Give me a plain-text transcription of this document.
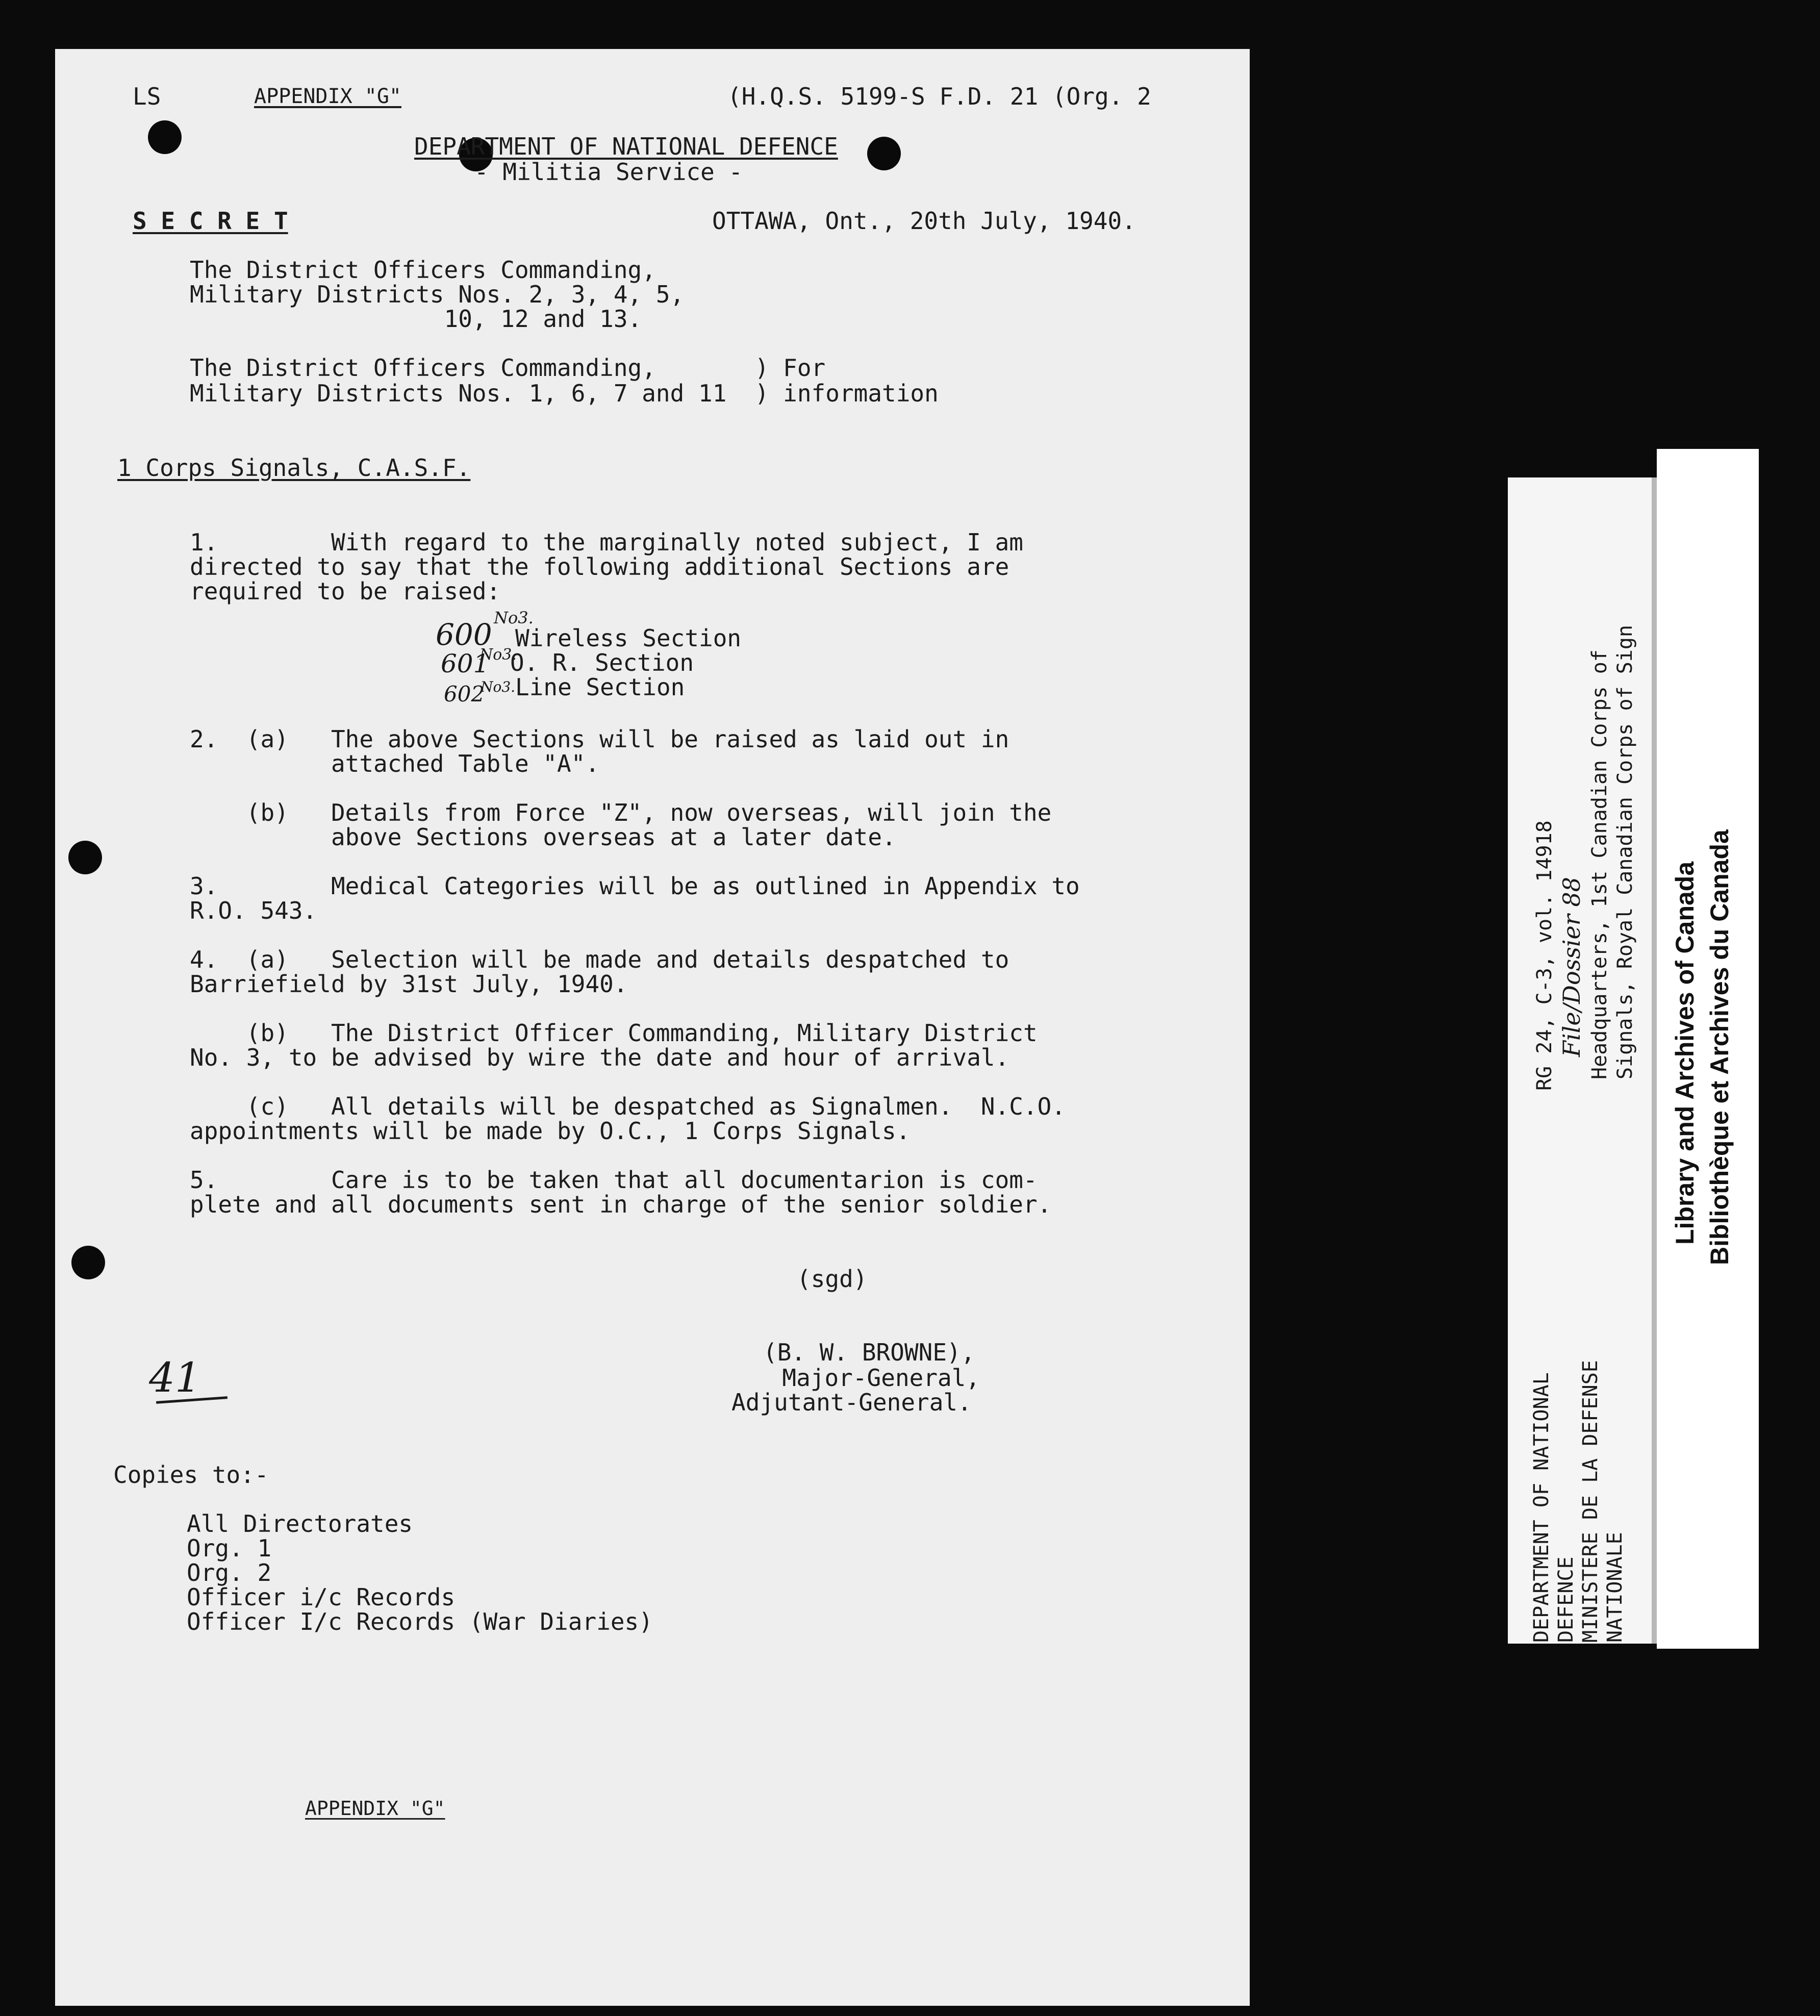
LS	APPENDIX "G"	(H.Q.S. 5199-S F.D. 21 (Org. 2
DEPARTMENT OF NATIONAL DEFENCE
- Militia Service -
S E C R E T	OTTAWA, Ont., 20th July, 1940.
The District Officers Commanding,
Military Districts Nos. 2, 3, 4, 5,
10, 12 and 13.
The District Officers Commanding,       ) For
Military Districts Nos. 1, 6, 7 and 11  ) information
1 Corps Signals, C.A.S.F.
1.        With regard to the marginally noted subject, I am
directed to say that the following additional Sections are
required to be raised:
600 No3.
Wireless Section
601
No3.
O. R. Section
602
No3. Line Section
2.  (a)   The above Sections will be raised as laid out in
attached Table "A".
(b)   Details from Force "Z", now overseas, will join the
above Sections overseas at a later date.
3.        Medical Categories will be as outlined in Appendix to
R.O. 543.
4.  (a)   Selection will be made and details despatched to
Barriefield by 31st July, 1940.
(b)   The District Officer Commanding, Military District
No. 3, to be advised by wire the date and hour of arrival.
(c)   All details will be despatched as Signalmen.  N.C.O.
appointments will be made by O.C., 1 Corps Signals.
5.        Care is to be taken that all documentarion is com-
plete and all documents sent in charge of the senior soldier.
(sgd)
(B. W. BROWNE),
Major-General,
Adjutant-General.
41
Copies to:-
All Directorates
Org. 1
Org. 2
Officer i/c Records
Officer I/c Records (War Diaries)
APPENDIX "G"
RG 24, C-3, vol. 14918 File/Dossier 88 Headquarters, 1st Canadian Corps of Signals, Royal Canadian Corps of Sign
DEPARTMENT OF NATIONAL DEFENCE MINISTERE DE LA DEFENSE NATIONALE
Library and Archives of Canada Bibliothèque et Archives du Canada
